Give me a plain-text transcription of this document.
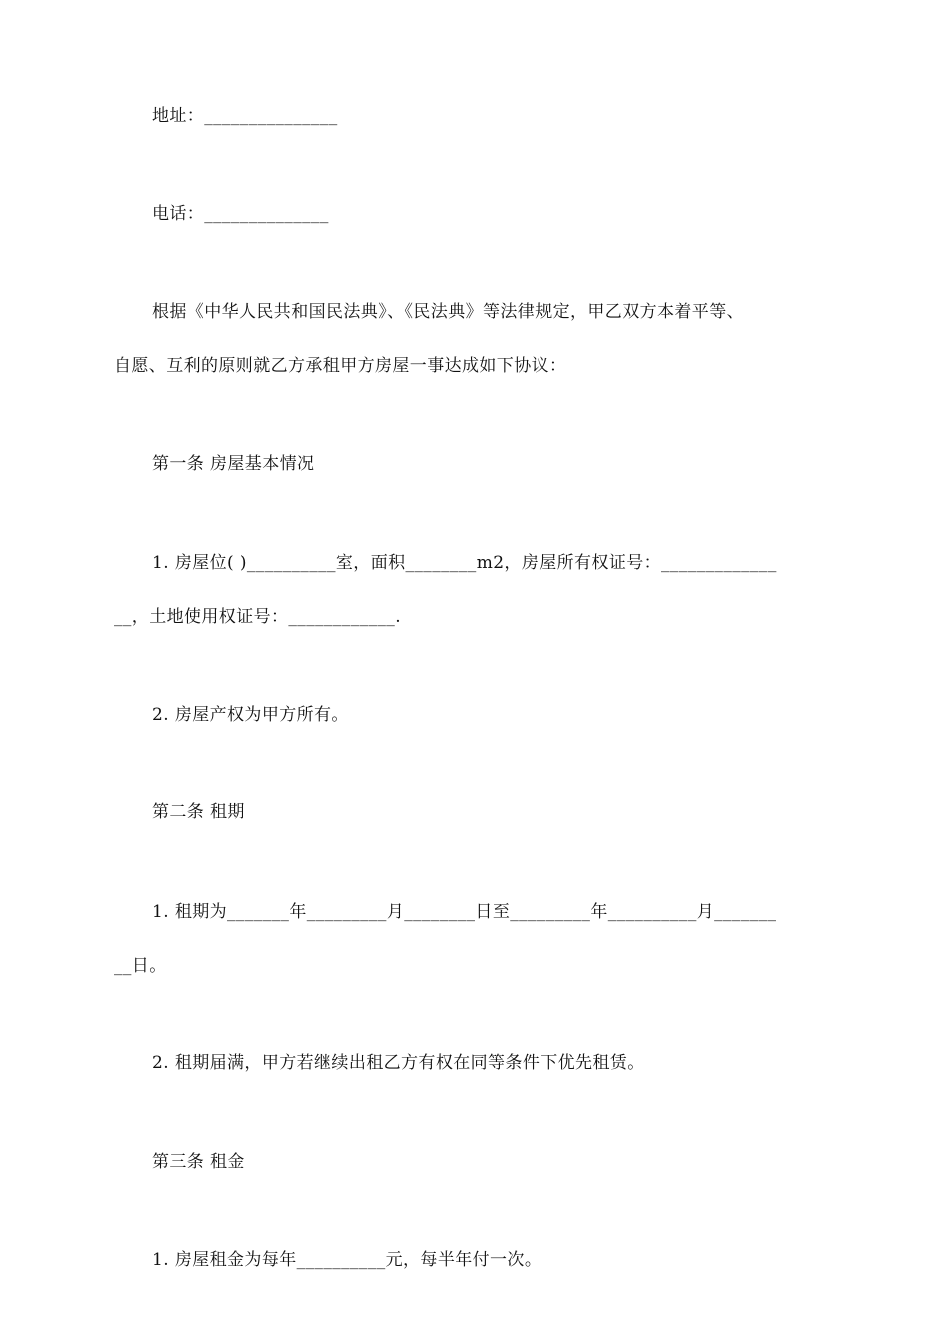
地址：_______________
电话：______________
根据《中华人民共和国民法典》、《民法典》等法律规定，甲乙双方本着平等、
自愿、互利的原则就乙方承租甲方房屋一事达成如下协议：
第一条 房屋基本情况
1. 房屋位( )__________室，面积________m2，房屋所有权证号：_____________
__，土地使用权证号：____________.
2. 房屋产权为甲方所有。
第二条 租期
1. 租期为_______年_________月________日至_________年__________月_______
__日。
2. 租期届满，甲方若继续出租乙方有权在同等条件下优先租赁。
第三条 租金
1. 房屋租金为每年__________元，每半年付一次。
